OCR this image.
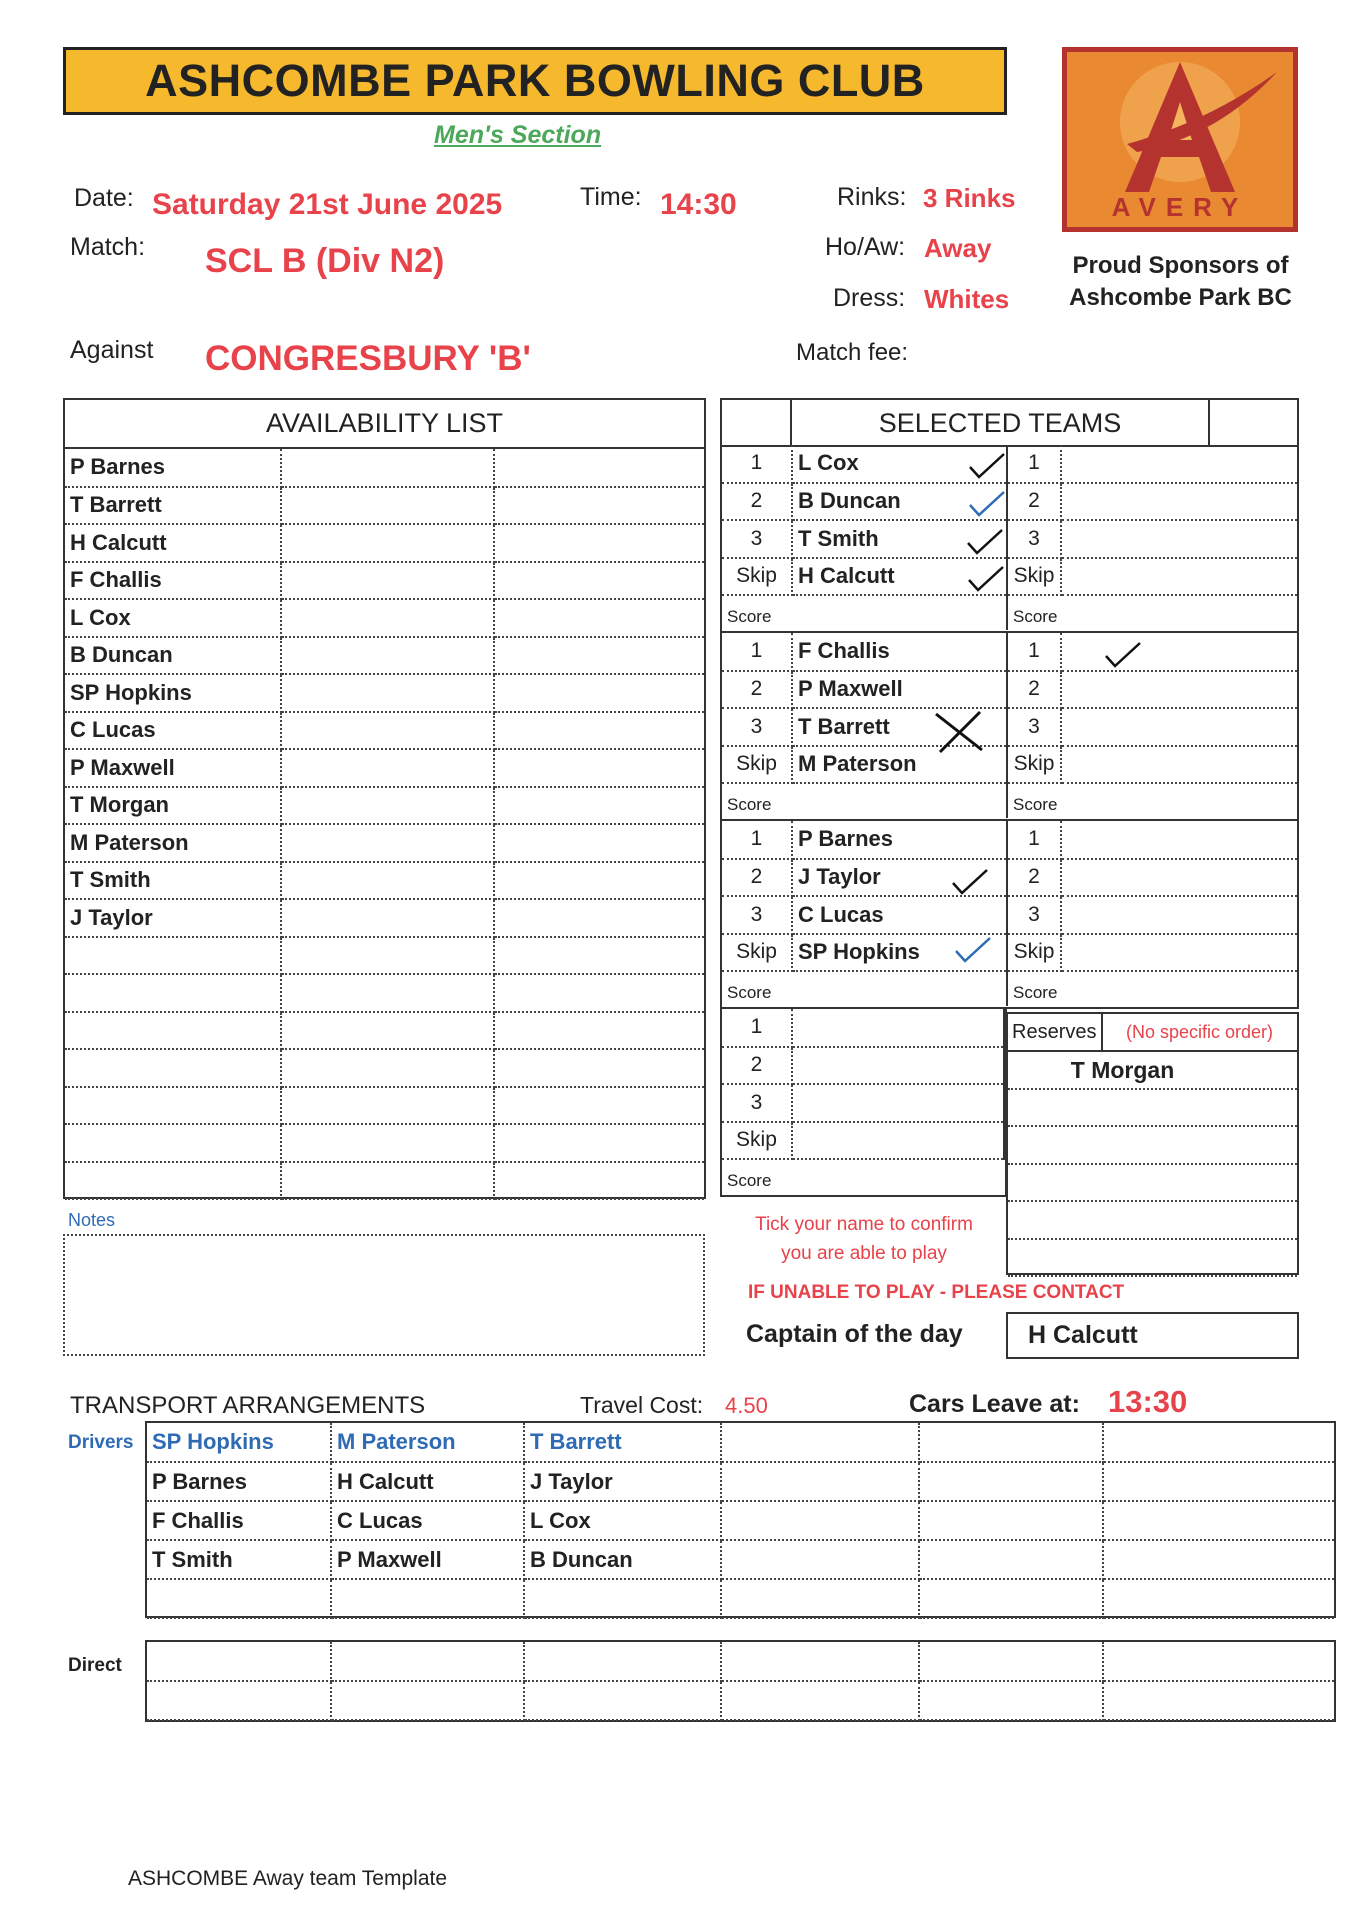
ASHCOMBE PARK BOWLING CLUB
Men's Section
AVERY
Proud Sponsors of Ashcombe Park BC
Date: Saturday 21st June 2025	Time: 14:30	Rinks: 3 Rinks
Match: SCL B (Div N2)	Ho/Aw: Away
Dress: Whites
Against CONGRESBURY 'B'	Match fee:
AVAILABILITY LIST
P Barnes		
T Barrett		
H Calcutt		
F Challis		
L Cox		
B Duncan		
SP Hopkins		
C Lucas		
P Maxwell		
T Morgan		
M Paterson		
T Smith		
J Taylor		

Notes
SELECTED TEAMS
1	L Cox	1	
2	B Duncan	2	
3	T Smith	3	
Skip	H Calcutt	Skip	
Score		Score	
1	F Challis	1	
2	P Maxwell	2	
3	T Barrett	3	
Skip	M Paterson	Skip	
Score		Score	
1	P Barnes	1	
2	J Taylor	2	
3	C Lucas	3	
Skip	SP Hopkins	Skip	
Score		Score	
1	
2	
3	
Skip	
Score	
Reserves	(No specific order)
T Morgan
Tick your name to confirm
you are able to play
IF UNABLE TO PLAY - PLEASE CONTACT
Captain of the day	H Calcutt
TRANSPORT ARRANGEMENTS	Travel Cost: 4.50	Cars Leave at: 13:30
Drivers SP Hopkins	M Paterson	T Barrett			
P Barnes	H Calcutt	J Taylor			
F Challis	C Lucas	L Cox			
T Smith	P Maxwell	B Duncan			

Direct

ASHCOMBE Away team Template
